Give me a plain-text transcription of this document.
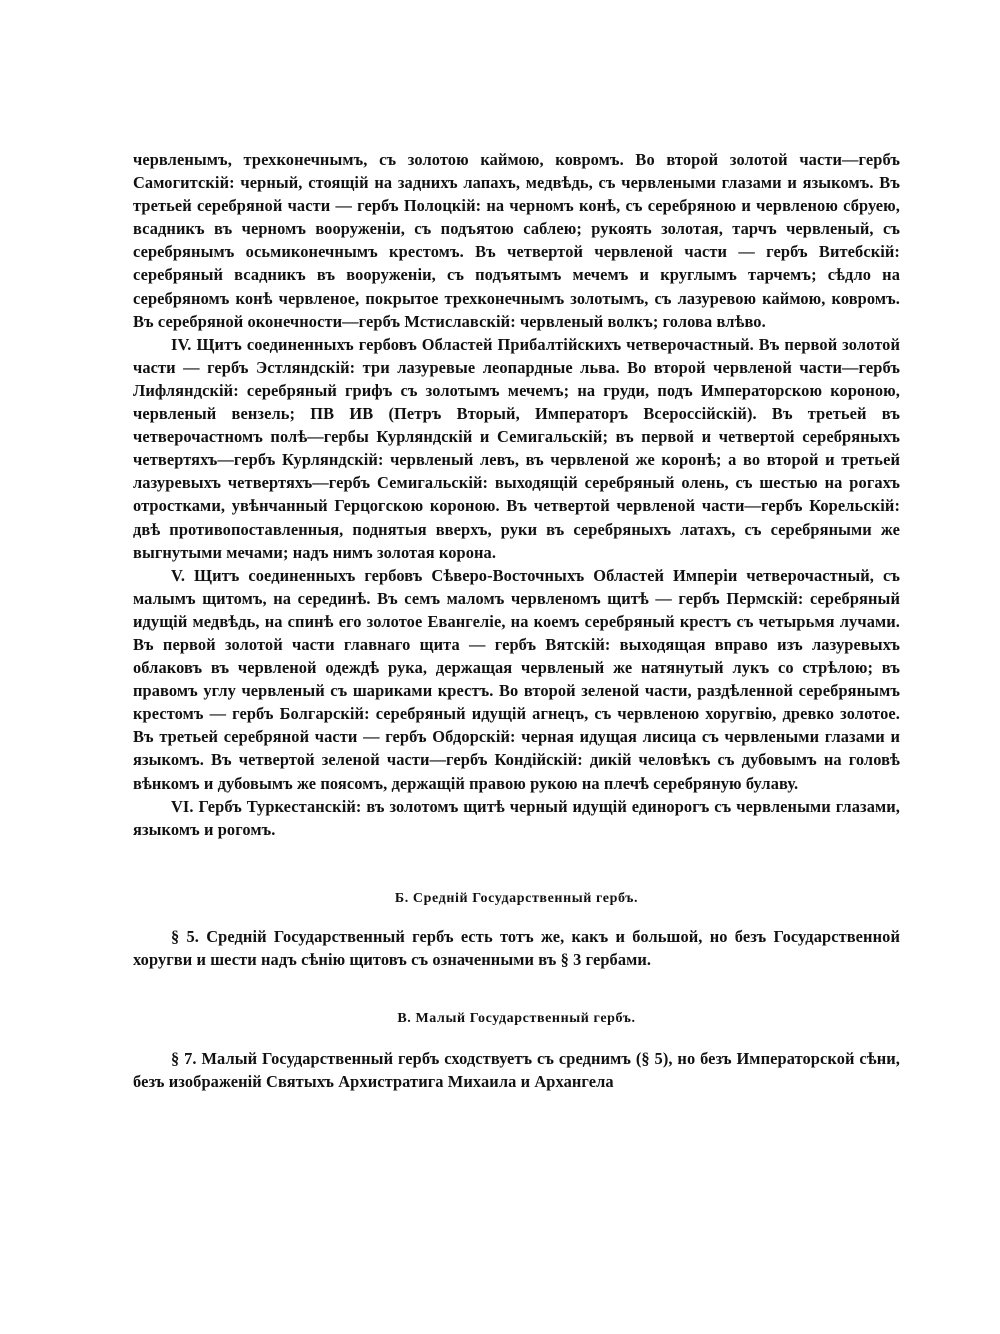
червленымъ, трехконечнымъ, съ золотою каймою, ковромъ. Во второй золотой части—гербъ Самогитскій: черный, стоящій на заднихъ лапахъ, медвѣдь, съ червлеными глазами и языкомъ. Въ третьей серебряной части — гербъ Полоцкій: на черномъ конѣ, съ серебряною и червленою сбруею, всадникъ въ черномъ вооруженіи, съ подъятою саблею; рукоять золотая, тарчъ червленый, съ серебрянымъ осьмиконечнымъ крестомъ. Въ четвертой червленой части — гербъ Витебскій: серебряный всадникъ въ вооруженіи, съ подъятымъ мечемъ и круглымъ тарчемъ; сѣдло на серебряномъ конѣ червленое, покрытое трехконечнымъ золотымъ, съ лазуревою каймою, ковромъ. Въ серебряной оконечности—гербъ Мстиславскій: червленый волкъ; голова влѣво.

IV. Щитъ соединенныхъ гербовъ Областей Прибалтійскихъ четверочастный. Въ первой золотой части — гербъ Эстляндскій: три лазуревые леопардные льва. Во второй червленой части—гербъ Лифляндскій: серебряный грифъ съ золотымъ мечемъ; на груди, подъ Императорскою короною, червленый вензель; ПВ ИВ (Петръ Вторый, Императоръ Всероссійскій). Въ третьей въ четверочастномъ полѣ—гербы Курляндскій и Семигальскій; въ первой и четвертой серебряныхъ четвертяхъ—гербъ Курляндскій: червленый левъ, въ червленой же коронѣ; а во второй и третьей лазуревыхъ четвертяхъ—гербъ Семигальскій: выходящій серебряный олень, съ шестью на рогахъ отростками, увѣнчанный Герцогскою короною. Въ четвертой червленой части—гербъ Корельскій: двѣ противопоставленныя, поднятыя вверхъ, руки въ серебряныхъ латахъ, съ серебряными же выгнутыми мечами; надъ нимъ золотая корона.

V. Щитъ соединенныхъ гербовъ Сѣверо-Восточныхъ Областей Имперіи четверочастный, съ малымъ щитомъ, на серединѣ. Въ семъ маломъ червленомъ щитѣ — гербъ Пермскій: серебряный идущій медвѣдь, на спинѣ его золотое Евангеліе, на коемъ серебряный крестъ съ четырьмя лучами. Въ первой золотой части главнаго щита — гербъ Вятскій: выходящая вправо изъ лазуревыхъ облаковъ въ червленой одеждѣ рука, держащая червленый же натянутый лукъ со стрѣлою; въ правомъ углу червленый съ шариками крестъ. Во второй зеленой части, раздѣленной серебрянымъ крестомъ — гербъ Болгарскій: серебряный идущій агнецъ, съ червленою хоругвію, древко золотое. Въ третьей серебряной части — гербъ Обдорскій: черная идущая лисица съ червлеными глазами и языкомъ. Въ четвертой зеленой части—гербъ Кондійскій: дикій человѣкъ съ дубовымъ на головѣ вѣнкомъ и дубовымъ же поясомъ, держащій правою рукою на плечѣ серебряную булаву.

VI. Гербъ Туркестанскій: въ золотомъ щитѣ черный идущій единорогъ съ червлеными глазами, языкомъ и рогомъ.

Б. Средній Государственный гербъ.

§ 5. Средній Государственный гербъ есть тотъ же, какъ и большой, но безъ Государственной хоругви и шести надъ сѣнію щитовъ съ означенными въ § 3 гербами.

В. Малый Государственный гербъ.

§ 7. Малый Государственный гербъ сходствуетъ съ среднимъ (§ 5), но безъ Императорской сѣни, безъ изображеній Святыхъ Архистратига Михаила и Архангела
